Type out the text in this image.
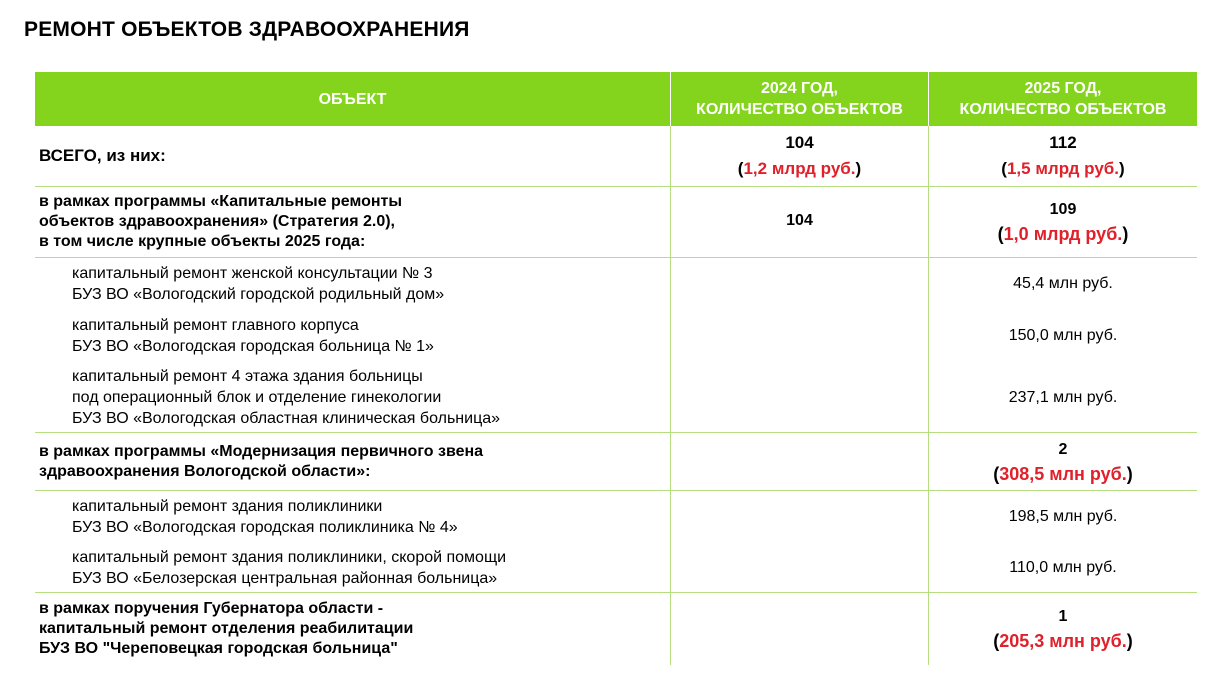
РЕМОНТ ОБЪЕКТОВ ЗДРАВООХРАНЕНИЯ
ОБЪЕКТ
2024 ГОД,
КОЛИЧЕСТВО ОБЪЕКТОВ
2025 ГОД,
КОЛИЧЕСТВО ОБЪЕКТОВ
ВСЕГО, из них:
104
(1,2 млрд руб.)
112
(1,5 млрд руб.)
в рамках программы «Капитальные ремонты
объектов здравоохранения» (Стратегия 2.0),
в том числе крупные объекты 2025 года:
104
109
(1,0 млрд руб.)
капитальный ремонт женской консультации № 3
БУЗ ВО «Вологодский городской родильный дом»
капитальный ремонт главного корпуса
БУЗ ВО «Вологодская городская больница № 1»
капитальный ремонт 4 этажа здания больницы
под операционный блок и отделение гинекологии
БУЗ ВО «Вологодская областная клиническая больница»
45,4 млн руб.
150,0 млн руб.
237,1 млн руб.
в рамках программы «Модернизация первичного звена
здравоохранения Вологодской области»:
2
(308,5 млн руб.)
капитальный ремонт здания поликлиники
БУЗ ВО «Вологодская городская поликлиника № 4»
капитальный ремонт здания поликлиники, скорой помощи
БУЗ ВО «Белозерская центральная районная больница»
198,5 млн руб.
110,0 млн руб.
в рамках поручения Губернатора области -
капитальный ремонт отделения реабилитации
БУЗ ВО "Череповецкая городская больница"
1
(205,3 млн руб.)
